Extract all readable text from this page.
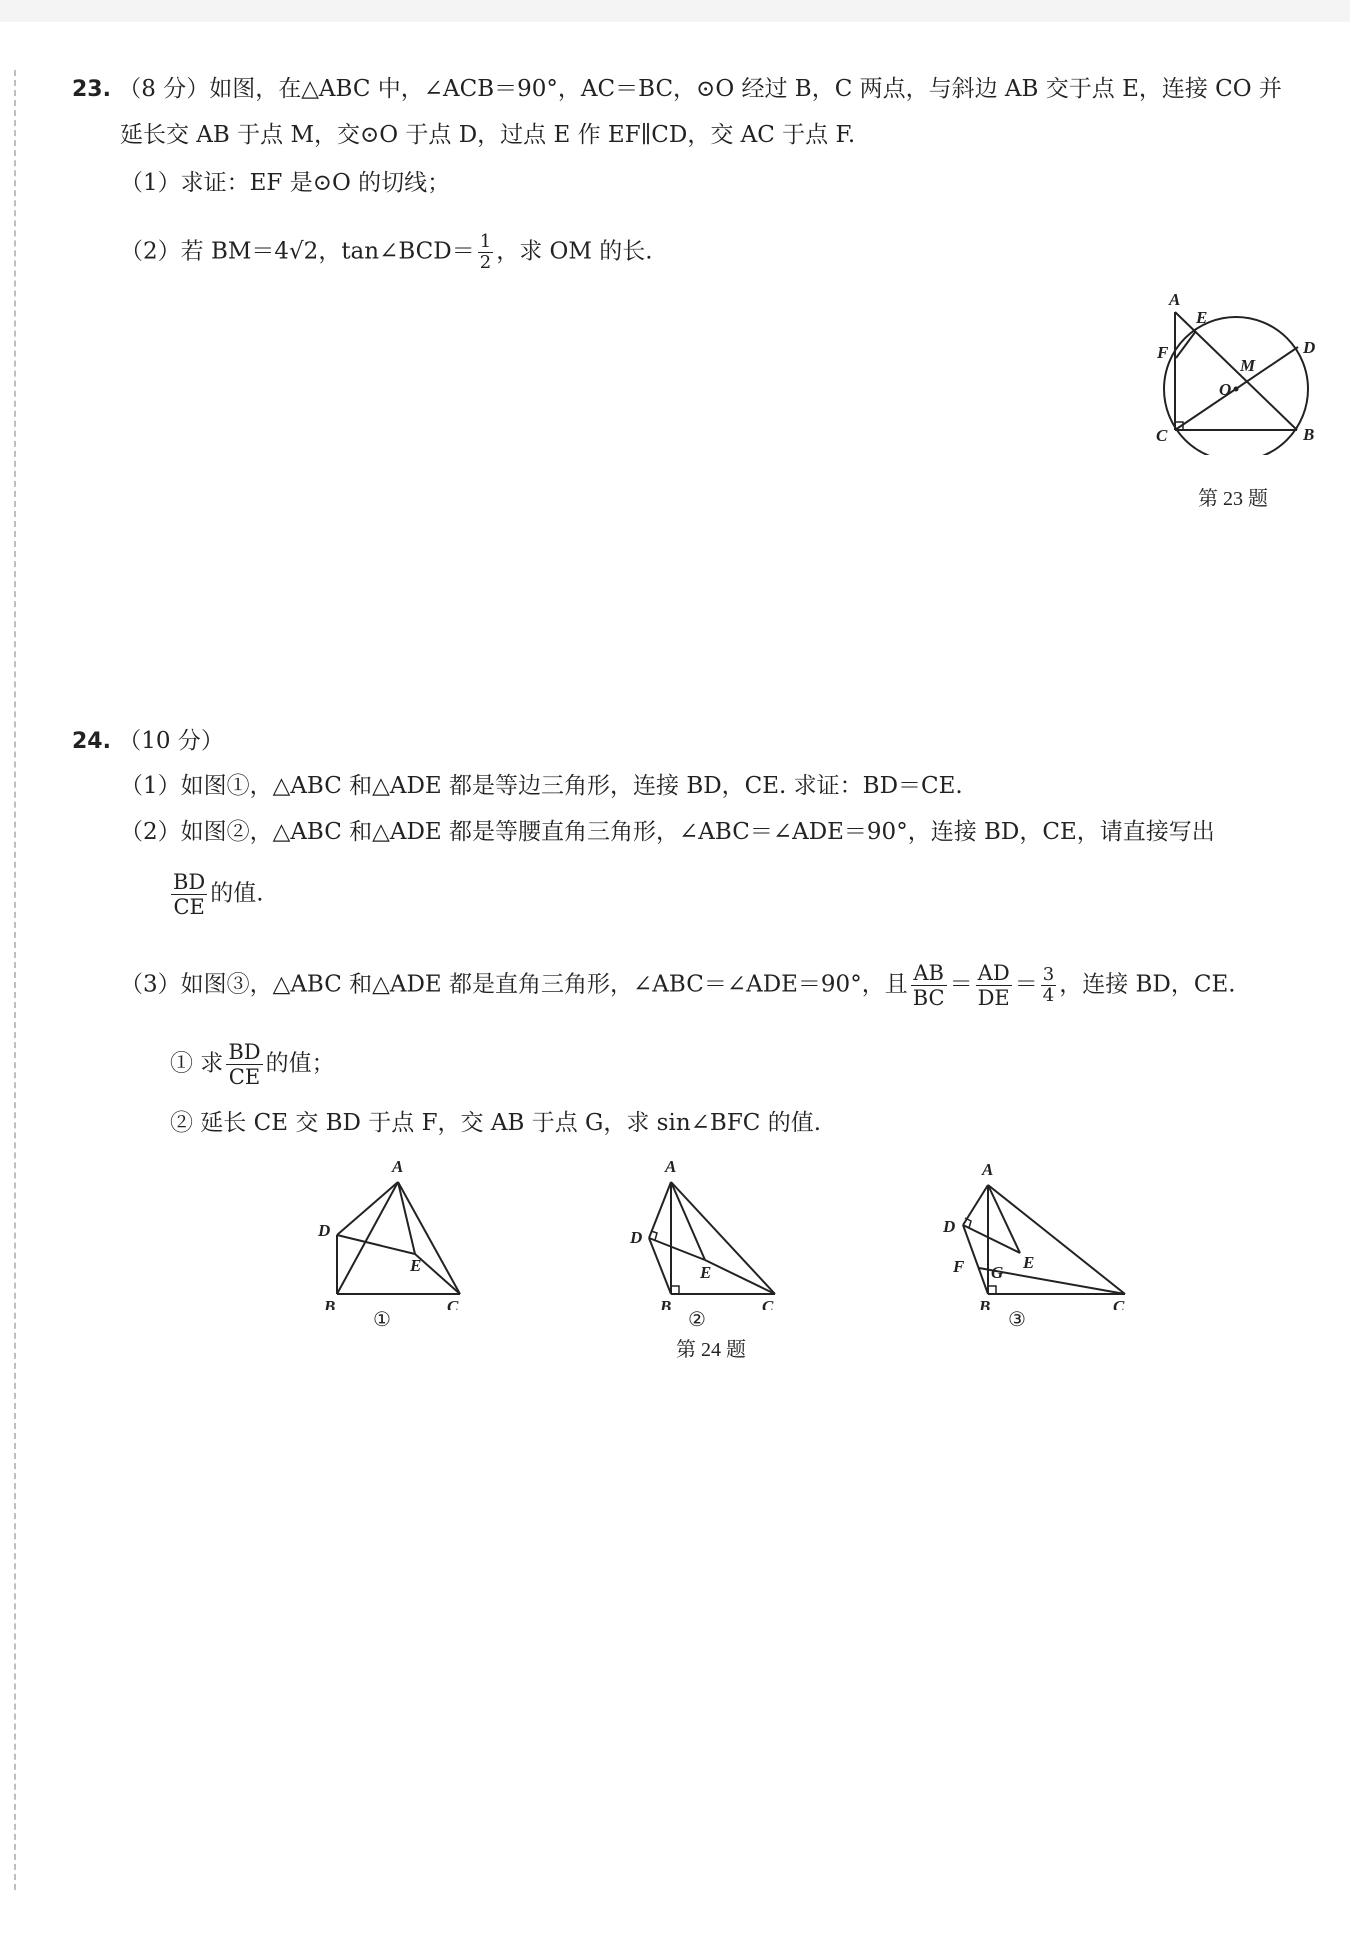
23. （8 分）如图，在△ABC 中，∠ACB＝90°，AC＝BC，⊙O 经过 B，C 两点，与斜边 AB 交于点 E，连接 CO 并
延长交 AB 于点 M，交⊙O 于点 D，过点 E 作 EF∥CD，交 AC 于点 F.
（1）求证：EF 是⊙O 的切线；
（2）若 BM＝4√2，tan∠BCD＝ $\frac{1}{2}$ ，求 OM 的长.
A
E
F	D
M
O
C	B
第 23 题
24. （10 分）
（1）如图①，△ABC 和△ADE 都是等边三角形，连接 BD，CE. 求证：BD＝CE.
（2）如图②，△ABC 和△ADE 都是等腰直角三角形，∠ABC＝∠ADE＝90°，连接 BD，CE，请直接写出
$\frac{BD}{CE}$ 的值.
（3）如图③，△ABC 和△ADE 都是直角三角形，∠ABC＝∠ADE＝90°，且 $\frac{AB}{BC} = \frac{AD}{DE} = \frac{3}{4}$ ，连接 BD，CE.
① 求 $\frac{BD}{CE}$ 的值；
② 延长 CE 交 BD 于点 F，交 AB 于点 G，求 sin∠BFC 的值.
A
D
E
B	C
①
A
D
E
B	C
②
A
D
F G
E
B	C
③
第 24 题
